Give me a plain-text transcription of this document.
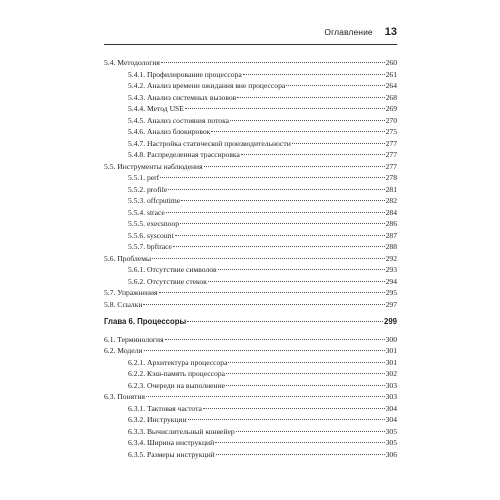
Оглавление 13
5.4. Методология	260
5.4.1. Профилирование процессора	261
5.4.2. Анализ времени ожидания вне процессора	264
5.4.3. Анализ системных вызовов	268
5.4.4. Метод USE	269
5.4.5. Анализ состояния потока	270
5.4.6. Анализ блокировок	275
5.4.7. Настройка статической производительности	277
5.4.8. Распределенная трассировка	277
5.5. Инструменты наблюдения	277
5.5.1. perf	278
5.5.2. profile	281
5.5.3. offcputime	282
5.5.4. strace	284
5.5.5. execsnoop	286
5.5.6. syscount	287
5.5.7. bpftrace	288
5.6. Проблемы	292
5.6.1. Отсутствие символов	293
5.6.2. Отсутствие стеков	294
5.7. Упражнения	295
5.8. Ссылки	297
Глава 6. Процессоры	299
6.1. Терминология	300
6.2. Модели	301
6.2.1. Архитектура процессора	301
6.2.2. Кэш-память процессора	302
6.2.3. Очереди на выполнение	303
6.3. Понятия	303
6.3.1. Тактовая частота	304
6.3.2. Инструкции	304
6.3.3. Вычислительный конвейер	305
6.3.4. Ширина инструкций	305
6.3.5. Размеры инструкций	306
